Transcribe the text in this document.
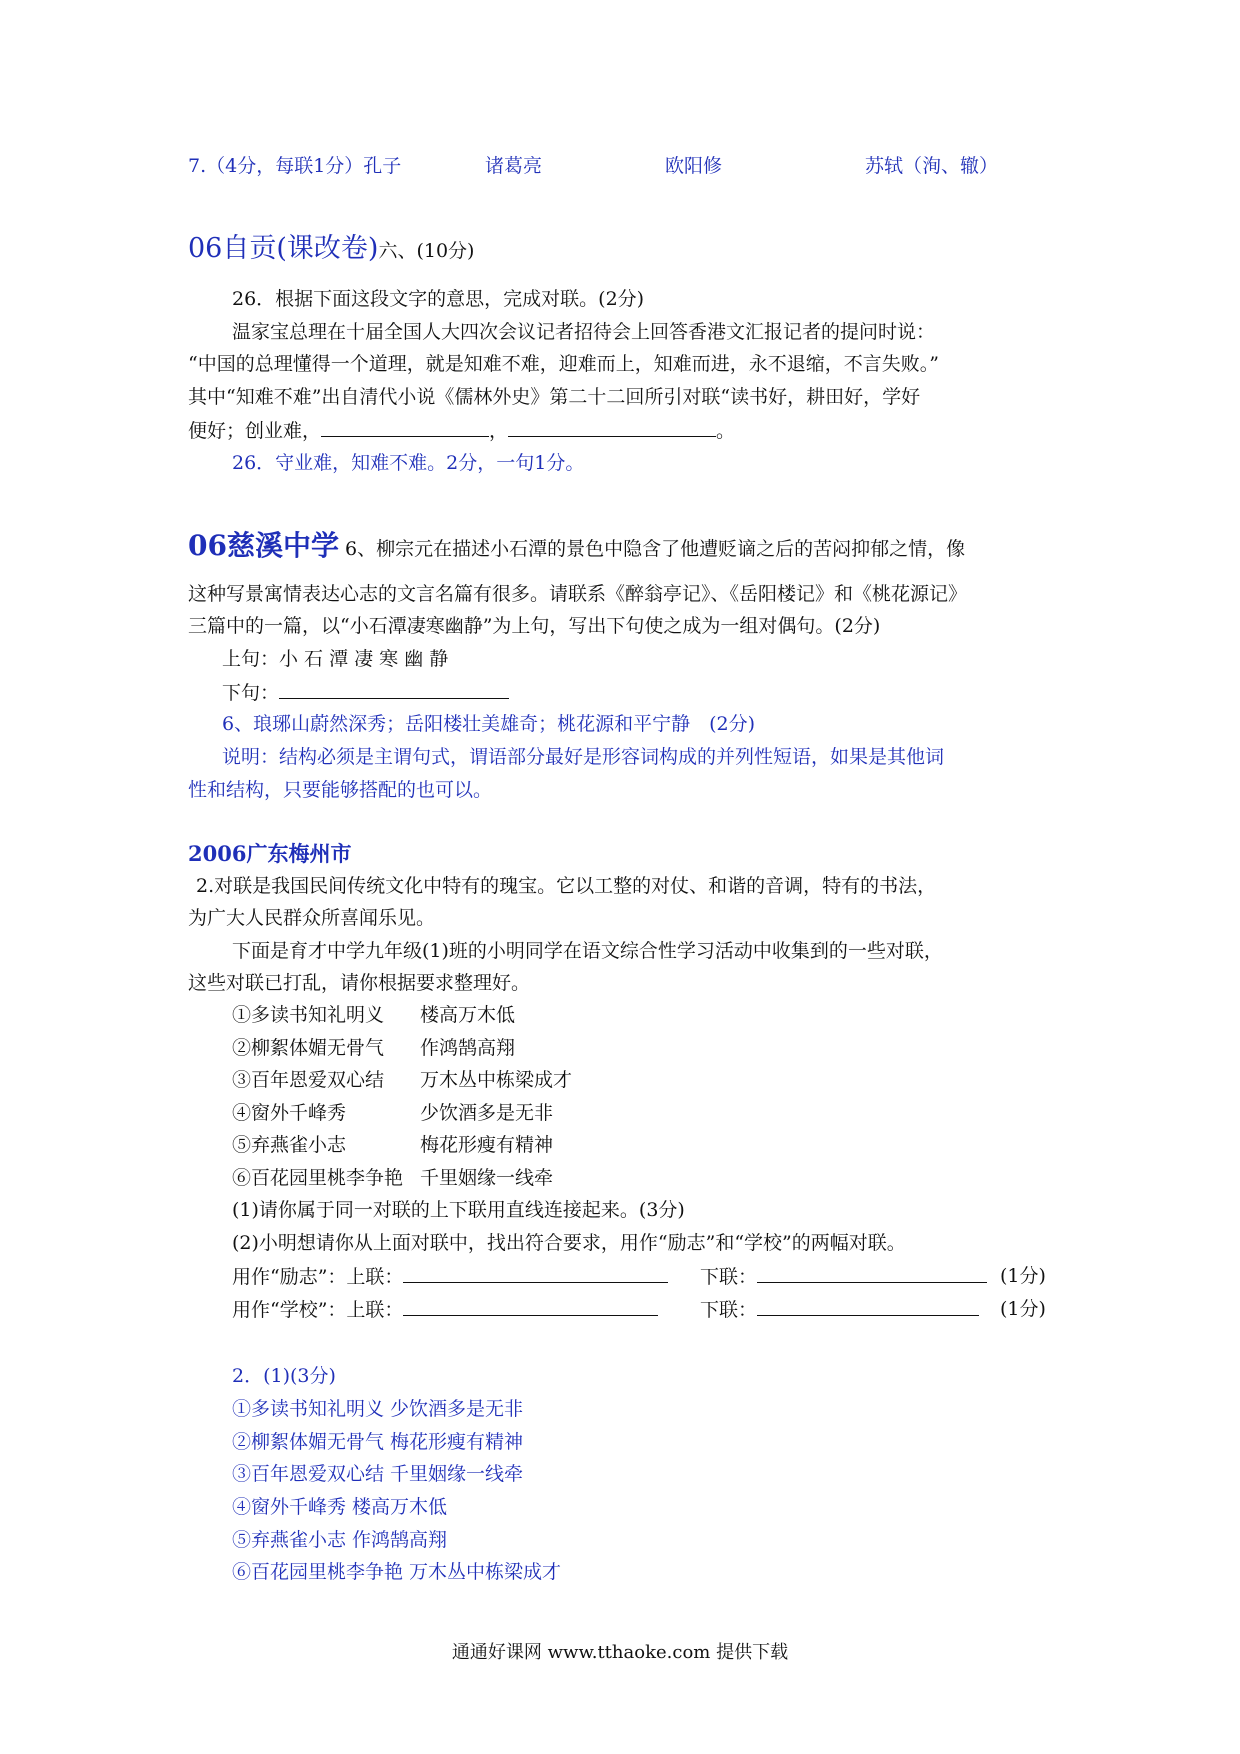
7.（4分，每联1分）孔子	诸葛亮	欧阳修	苏轼（洵、辙）
06自贡(课改卷)六、(10分)
26．根据下面这段文字的意思，完成对联。(2分)
温家宝总理在十届全国人大四次会议记者招待会上回答香港文汇报记者的提问时说：
“中国的总理懂得一个道理，就是知难不难，迎难而上，知难而进，永不退缩，不言失败。”
其中“知难不难”出自清代小说《儒林外史》第二十二回所引对联“读书好，耕田好，学好
便好；创业难，	，	。
26．守业难，知难不难。2分，一句1分。
06慈溪中学 6、柳宗元在描述小石潭的景色中隐含了他遭贬谪之后的苦闷抑郁之情，像
这种写景寓情表达心志的文言名篇有很多。请联系《醉翁亭记》、《岳阳楼记》和《桃花源记》
三篇中的一篇，以“小石潭凄寒幽静”为上句，写出下句使之成为一组对偶句。(2分)
上句：小 石 潭 凄 寒 幽 静
下句：
6、琅琊山蔚然深秀；岳阳楼壮美雄奇；桃花源和平宁静　(2分)
说明：结构必须是主谓句式，谓语部分最好是形容词构成的并列性短语，如果是其他词
性和结构，只要能够搭配的也可以。
2006广东梅州市
2.对联是我国民间传统文化中特有的瑰宝。它以工整的对仗、和谐的音调，特有的书法，
为广大人民群众所喜闻乐见。
下面是育才中学九年级(1)班的小明同学在语文综合性学习活动中收集到的一些对联，
这些对联已打乱，请你根据要求整理好。
①多读书知礼明义 楼高万木低
②柳絮体媚无骨气 作鸿鹄高翔
③百年恩爱双心结 万木丛中栋梁成才
④窗外千峰秀	少饮酒多是无非
⑤弃燕雀小志	梅花形瘦有精神
⑥百花园里桃李争艳 千里姻缘一线牵
(1)请你属于同一对联的上下联用直线连接起来。(3分)
(2)小明想请你从上面对联中，找出符合要求，用作“励志”和“学校”的两幅对联。
用作“励志”：上联：	下联：	(1分)
用作“学校”：上联：	下联：	(1分)
2．(1)(3分)
①多读书知礼明义 少饮酒多是无非
②柳絮体媚无骨气 梅花形瘦有精神
③百年恩爱双心结 千里姻缘一线牵
④窗外千峰秀 楼高万木低
⑤弃燕雀小志 作鸿鹄高翔
⑥百花园里桃李争艳 万木丛中栋梁成才
通通好课网 www.tthaoke.com 提供下载
